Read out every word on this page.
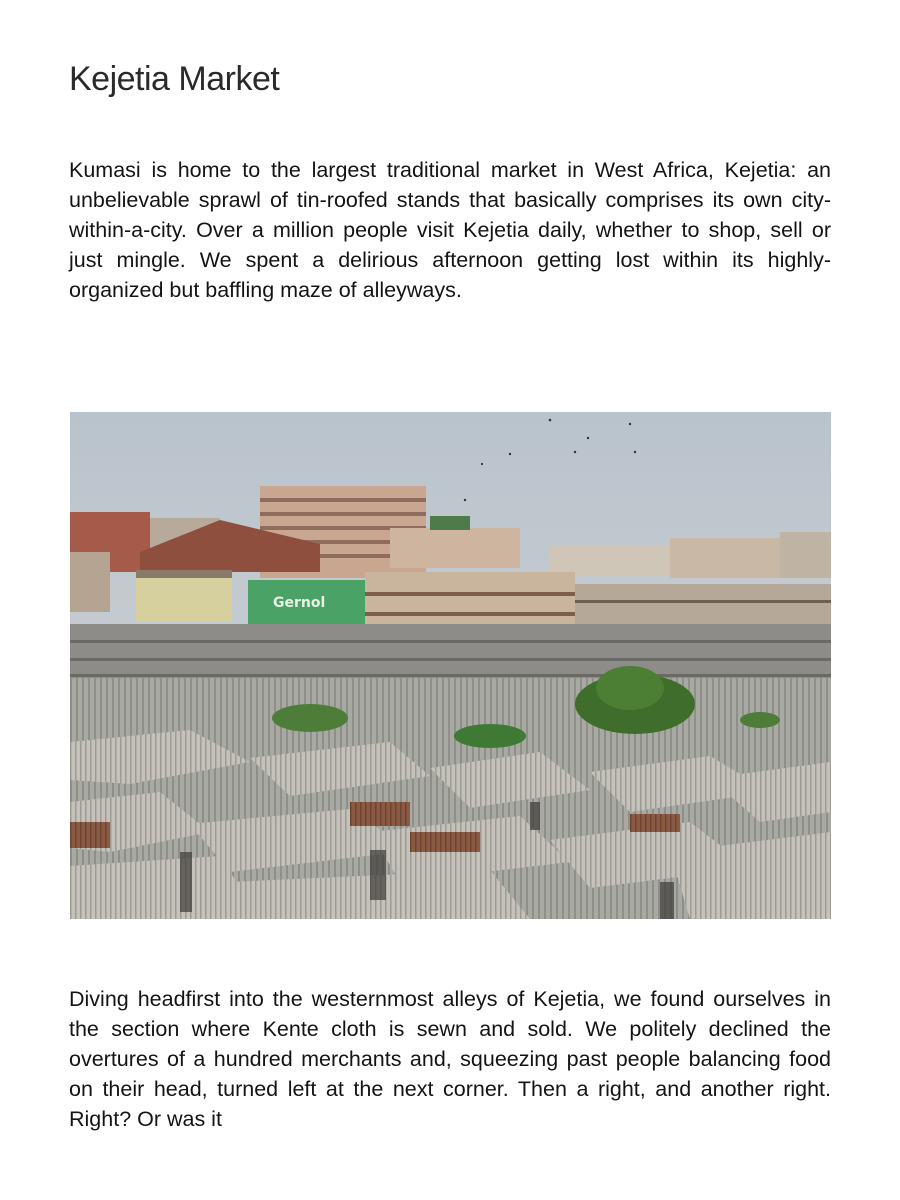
Kejetia Market
Kumasi is home to the largest traditional market in West Africa, Kejetia: an unbelievable sprawl of tin-roofed stands that basically comprises its own city-within-a-city. Over a million people visit Kejetia daily, whether to shop, sell or just mingle. We spent a delirious afternoon getting lost within its highly-organized but baffling maze of alleyways.
Gernol
Diving headfirst into the westernmost alleys of Kejetia, we found ourselves in the section where Kente cloth is sewn and sold. We politely declined the overtures of a hundred merchants and, squeezing past people balancing food on their head, turned left at the next corner. Then a right, and another right. Right? Or was it
